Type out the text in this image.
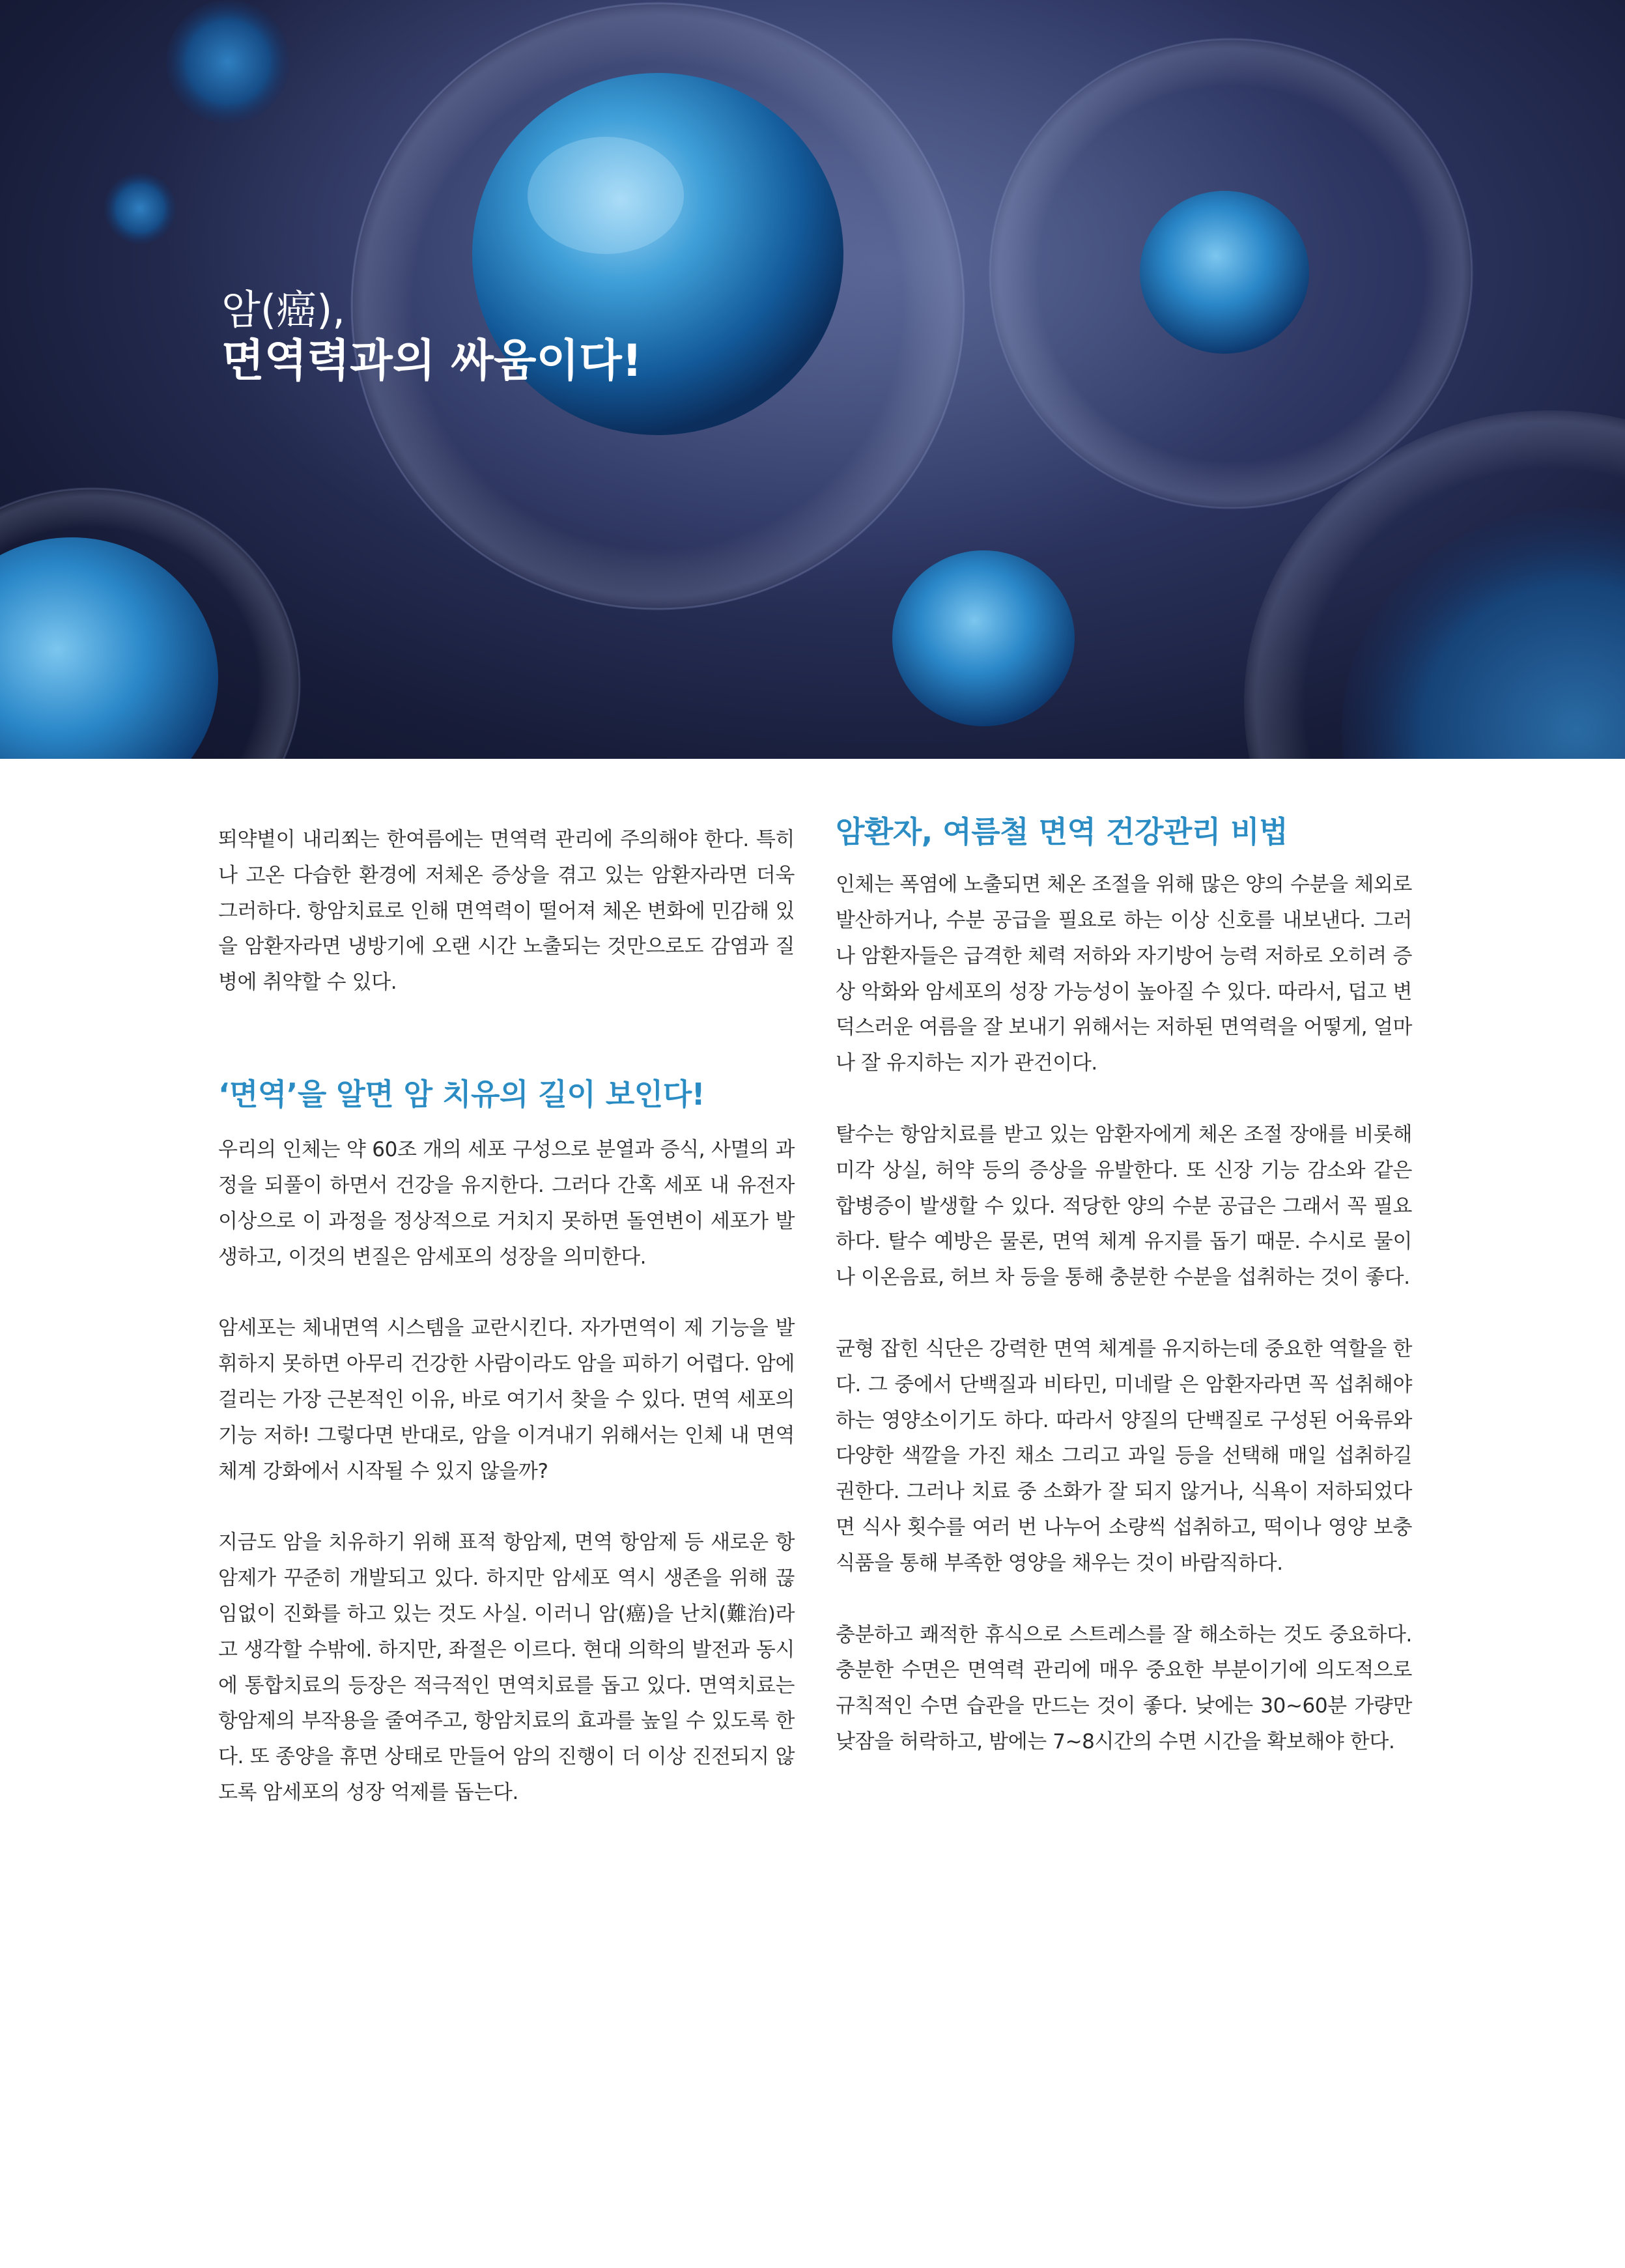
암(癌),
면역력과의 싸움이다!

뙤약볕이 내리쬐는 한여름에는 면역력 관리에 주의해야 한다. 특히나 고온 다습한 환경에 저체온 증상을 겪고 있는 암환자라면 더욱 그러하다. 항암치료로 인해 면역력이 떨어져 체온 변화에 민감해 있을 암환자라면 냉방기에 오랜 시간 노출되는 것만으로도 감염과 질병에 취약할 수 있다.

‘면역’을 알면 암 치유의 길이 보인다!

우리의 인체는 약 60조 개의 세포 구성으로 분열과 증식, 사멸의 과정을 되풀이 하면서 건강을 유지한다. 그러다 간혹 세포 내 유전자 이상으로 이 과정을 정상적으로 거치지 못하면 돌연변이 세포가 발생하고, 이것의 변질은 암세포의 성장을 의미한다.

암세포는 체내면역 시스템을 교란시킨다. 자가면역이 제 기능을 발휘하지 못하면 아무리 건강한 사람이라도 암을 피하기 어렵다. 암에 걸리는 가장 근본적인 이유, 바로 여기서 찾을 수 있다. 면역 세포의 기능 저하! 그렇다면 반대로, 암을 이겨내기 위해서는 인체 내 면역체계 강화에서 시작될 수 있지 않을까?

지금도 암을 치유하기 위해 표적 항암제, 면역 항암제 등 새로운 항암제가 꾸준히 개발되고 있다. 하지만 암세포 역시 생존을 위해 끊임없이 진화를 하고 있는 것도 사실. 이러니 암(癌)을 난치(難治)라고 생각할 수밖에. 하지만, 좌절은 이르다. 현대 의학의 발전과 동시에 통합치료의 등장은 적극적인 면역치료를 돕고 있다. 면역치료는 항암제의 부작용을 줄여주고, 항암치료의 효과를 높일 수 있도록 한다. 또 종양을 휴면 상태로 만들어 암의 진행이 더 이상 진전되지 않도록 암세포의 성장 억제를 돕는다.

암환자, 여름철 면역 건강관리 비법

인체는 폭염에 노출되면 체온 조절을 위해 많은 양의 수분을 체외로 발산하거나, 수분 공급을 필요로 하는 이상 신호를 내보낸다. 그러나 암환자들은 급격한 체력 저하와 자기방어 능력 저하로 오히려 증상 악화와 암세포의 성장 가능성이 높아질 수 있다. 따라서, 덥고 변덕스러운 여름을 잘 보내기 위해서는 저하된 면역력을 어떻게, 얼마나 잘 유지하는 지가 관건이다.

탈수는 항암치료를 받고 있는 암환자에게 체온 조절 장애를 비롯해 미각 상실, 허약 등의 증상을 유발한다. 또 신장 기능 감소와 같은 합병증이 발생할 수 있다. 적당한 양의 수분 공급은 그래서 꼭 필요하다. 탈수 예방은 물론, 면역 체계 유지를 돕기 때문. 수시로 물이나 이온음료, 허브 차 등을 통해 충분한 수분을 섭취하는 것이 좋다.

균형 잡힌 식단은 강력한 면역 체계를 유지하는데 중요한 역할을 한다. 그 중에서 단백질과 비타민, 미네랄 은 암환자라면 꼭 섭취해야 하는 영양소이기도 하다. 따라서 양질의 단백질로 구성된 어육류와 다양한 색깔을 가진 채소 그리고 과일 등을 선택해 매일 섭취하길 권한다. 그러나 치료 중 소화가 잘 되지 않거나, 식욕이 저하되었다면 식사 횟수를 여러 번 나누어 소량씩 섭취하고, 떡이나 영양 보충 식품을 통해 부족한 영양을 채우는 것이 바람직하다.

충분하고 쾌적한 휴식으로 스트레스를 잘 해소하는 것도 중요하다. 충분한 수면은 면역력 관리에 매우 중요한 부분이기에 의도적으로 규칙적인 수면 습관을 만드는 것이 좋다. 낮에는 30~60분 가량만 낮잠을 허락하고, 밤에는 7~8시간의 수면 시간을 확보해야 한다.
